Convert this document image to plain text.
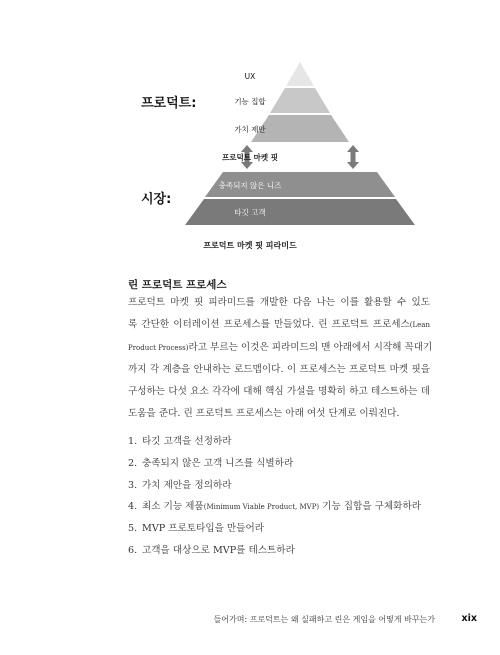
프로덕트:
시장:
UX
기능 집합
가치 제안
프로덕트 마켓 핏
충족되지 않은 니즈
타깃 고객
프로덕트 마켓 핏 피라미드
린 프로덕트 프로세스
프로덕트 마켓 핏 피라미드를 개발한 다음 나는 이를 활용할 수 있도
록 간단한 이터레이션 프로세스를 만들었다. 린 프로덕트 프로세스(Lean
Product Process)라고 부르는 이것은 피라미드의 맨 아래에서 시작해 꼭대기
까지 각 계층을 안내하는 로드맵이다. 이 프로세스는 프로덕트 마켓 핏을
구성하는 다섯 요소 각각에 대해 핵심 가설을 명확히 하고 테스트하는 데
도움을 준다. 린 프로덕트 프로세스는 아래 여섯 단계로 이뤄진다.
1. 타깃 고객을 선정하라
2. 충족되지 않은 고객 니즈를 식별하라
3. 가치 제안을 정의하라
4. 최소 기능 제품(Minimum Viable Product, MVP) 기능 집합을 구체화하라
5. MVP 프로토타입을 만들어라
6. 고객을 대상으로 MVP를 테스트하라
들어가며: 프로덕트는 왜 실패하고 린은 게임을 어떻게 바꾸는가	xix
